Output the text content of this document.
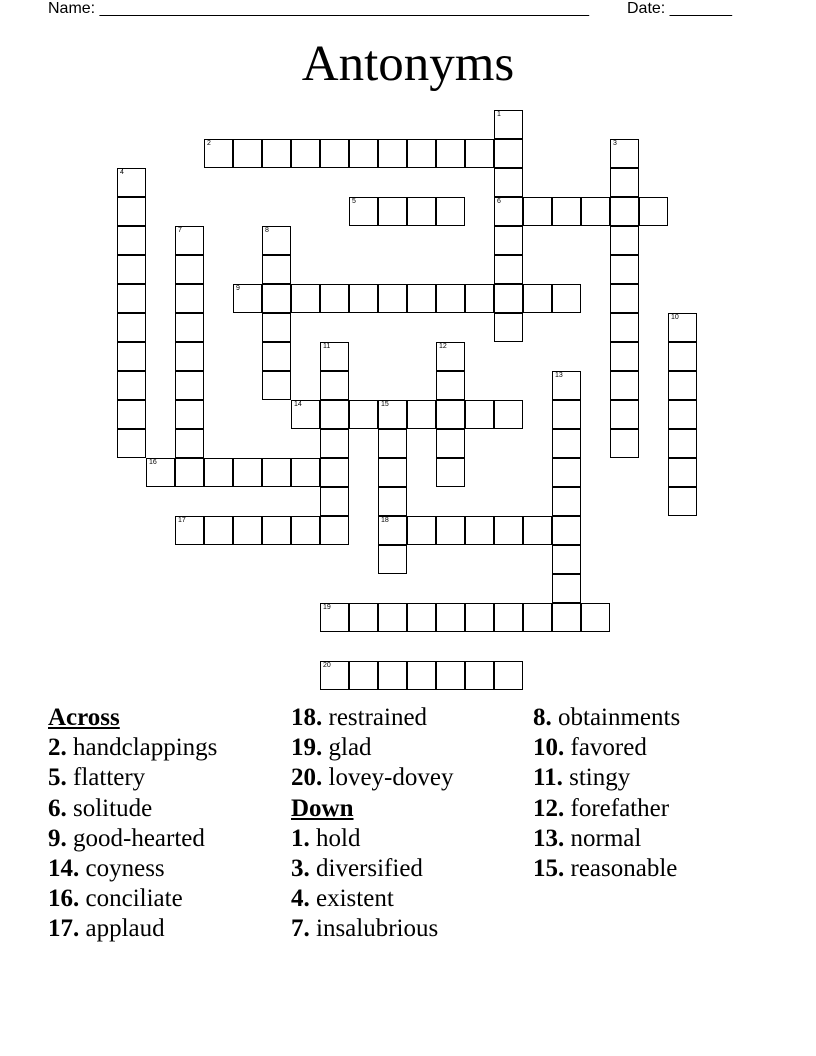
Name: _______________________________________________________ Date: _______
Antonyms
2
5	6
9
14	15
16
17	18
19
20
1
3
4
7	8
10
11	12
13
Across
2. handclappings
5. flattery
6. solitude
9. good-hearted
14. coyness
16. conciliate
17. applaud
18. restrained
19. glad
20. lovey-dovey
Down
1. hold
3. diversified
4. existent
7. insalubrious
8. obtainments
10. favored
11. stingy
12. forefather
13. normal
15. reasonable
